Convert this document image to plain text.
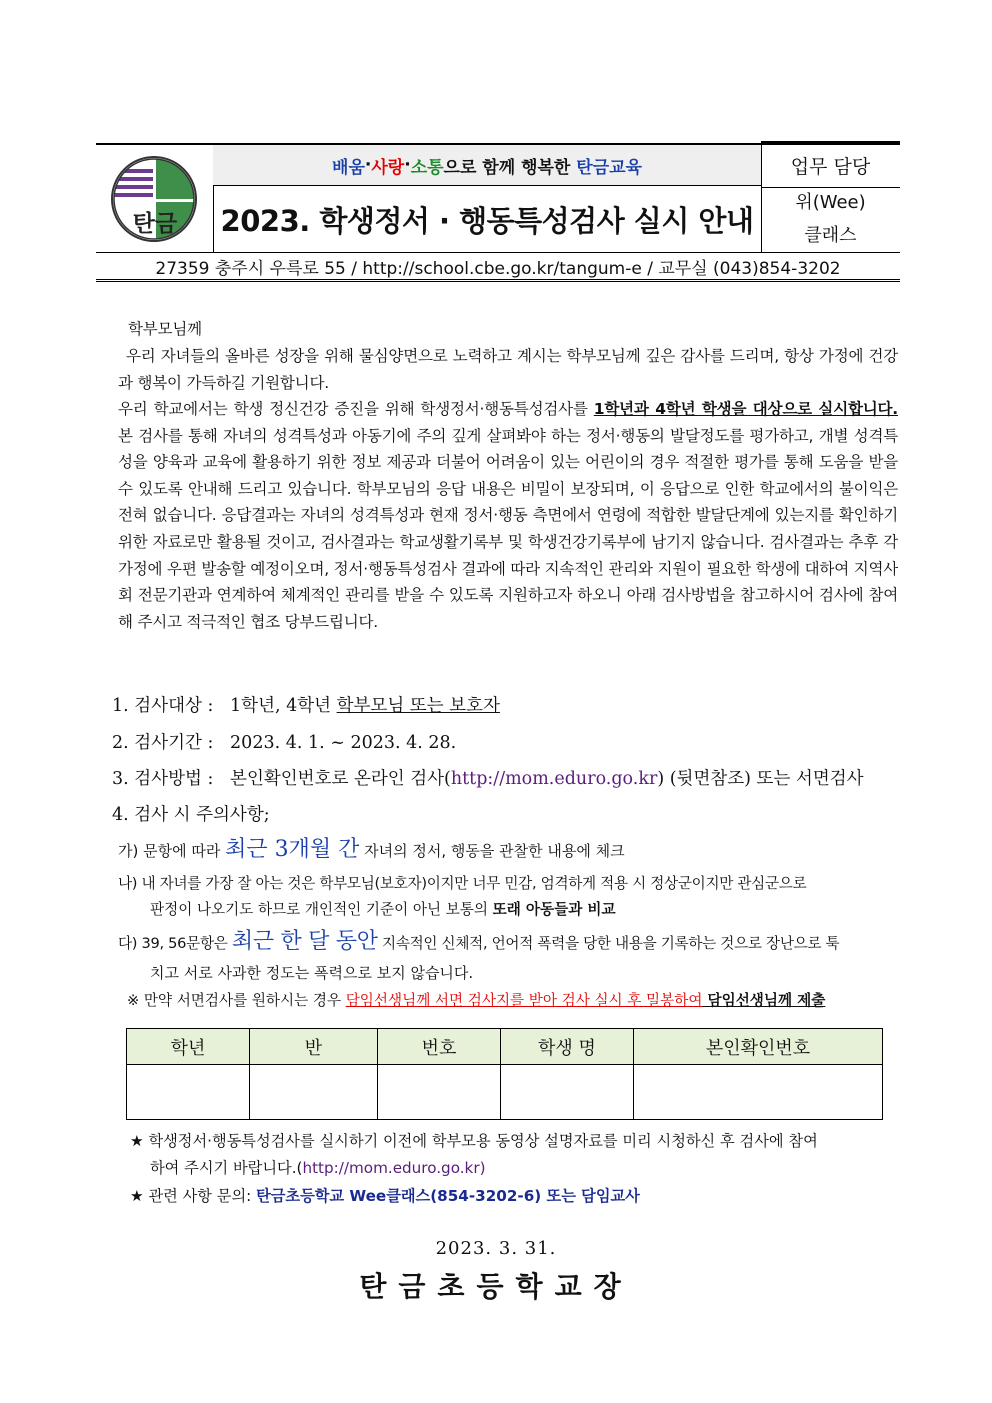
탄금
배움 · 사랑 · 소통 으로 함께 행복한 탄금교육
2023. 학생정서 · 행동특성검사 실시 안내
업무 담당
위(Wee)
클래스
27359 충주시 우륵로 55 / http://school.cbe.go.kr/tangum-e / 교무실 (043)854-3202
학부모님께
우리 자녀들의 올바른 성장을 위해 물심양면으로 노력하고 계시는 학부모님께 깊은 감사를 드리며, 항상 가정에 건강과 행복이 가득하길 기원합니다.
우리 학교에서는 학생 정신건강 증진을 위해 학생정서·행동특성검사를 1학년과 4학년 학생을 대상으로 실시합니다. 본 검사를 통해 자녀의 성격특성과 아동기에 주의 깊게 살펴봐야 하는 정서·행동의 발달정도를 평가하고, 개별 성격특성을 양육과 교육에 활용하기 위한 정보 제공과 더불어 어려움이 있는 어린이의 경우 적절한 평가를 통해 도움을 받을 수 있도록 안내해 드리고 있습니다. 학부모님의 응답 내용은 비밀이 보장되며, 이 응답으로 인한 학교에서의 불이익은 전혀 없습니다. 응답결과는 자녀의 성격특성과 현재 정서·행동 측면에서 연령에 적합한 발달단계에 있는지를 확인하기 위한 자료로만 활용될 것이고, 검사결과는 학교생활기록부 및 학생건강기록부에 남기지 않습니다. 검사결과는 추후 각 가정에 우편 발송할 예정이오며, 정서·행동특성검사 결과에 따라 지속적인 관리와 지원이 필요한 학생에 대하여 지역사회 전문기관과 연계하여 체계적인 관리를 받을 수 있도록 지원하고자 하오니 아래 검사방법을 참고하시어 검사에 참여해 주시고 적극적인 협조 당부드립니다.
1. 검사대상 : 1학년, 4학년 학부모님 또는 보호자
2. 검사기간 : 2023. 4. 1. ~ 2023. 4. 28.
3. 검사방법 : 본인확인번호로 온라인 검사(http://mom.eduro.go.kr) (뒷면참조) 또는 서면검사
4. 검사 시 주의사항;
가) 문항에 따라 최근 3개월 간 자녀의 정서, 행동을 관찰한 내용에 체크
나) 내 자녀를 가장 잘 아는 것은 학부모님(보호자)이지만 너무 민감, 엄격하게 적용 시 정상군이지만 관심군으로
판정이 나오기도 하므로 개인적인 기준이 아닌 보통의 또래 아동들과 비교
다) 39, 56문항은 최근 한 달 동안 지속적인 신체적, 언어적 폭력을 당한 내용을 기록하는 것으로 장난으로 툭
치고 서로 사과한 정도는 폭력으로 보지 않습니다.
※ 만약 서면검사를 원하시는 경우 담임선생님께 서면 검사지를 받아 검사 실시 후 밀봉하여 담임선생님께 제출
학년	반	번호	학생 명	본인확인번호

★ 학생정서·행동특성검사를 실시하기 이전에 학부모용 동영상 설명자료를 미리 시청하신 후 검사에 참여
하여 주시기 바랍니다.(http://mom.eduro.go.kr)
★ 관련 사항 문의: 탄금초등학교 Wee클래스(854-3202-6) 또는 담임교사
2023. 3. 31.
탄금초등학교장
